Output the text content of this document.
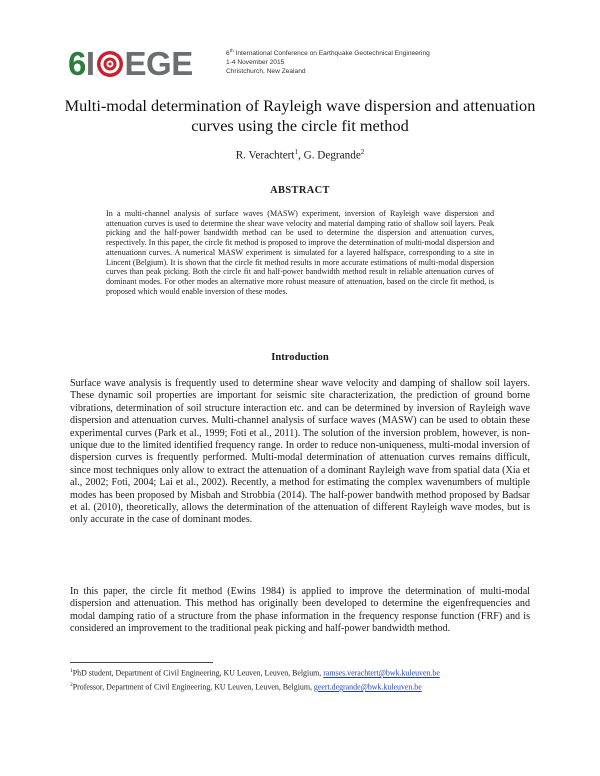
6I EGE	6th International Conference on Earthquake Geotechnical Engineering
1-4 November 2015
Christchurch, New Zealand
Multi-modal determination of Rayleigh wave dispersion and attenuation
curves using the circle fit method
R. Verachtert$^1$, G. Degrande$^2$
ABSTRACT
In a multi-channel analysis of surface waves (MASW) experiment, inversion of Rayleigh wave dispersion and attenuation curves is used to determine the shear wave velocity and material damping ratio of shallow soil layers. Peak picking and the half-power bandwidth method can be used to determine the dispersion and attenuation curves, respectively. In this paper, the circle fit method is proposed to improve the determination of multi-modal dispersion and attenuationn curves. A numerical MASW experiment is simulated for a layered halfspace, corresponding to a site in Lincent (Belgium). It is shown that the circle fit method results in more accurate estimations of multi-modal dispersion curves than peak picking. Both the circle fit and half-power bandwidth method result in reliable attenuation curves of dominant modes. For other modes an alternative more robust measure of attenuation, based on the circle fit method, is proposed which would enable inversion of these modes.
Introduction
Surface wave analysis is frequently used to determine shear wave velocity and damping of shallow soil layers. These dynamic soil properties are important for seismic site characterization, the prediction of ground borne vibrations, determination of soil structure interaction etc. and can be determined by inversion of Rayleigh wave dispersion and attenuation curves. Multi-channel analysis of surface waves (MASW) can be used to obtain these experimental curves (Park et al., 1999; Foti et al., 2011). The solution of the inversion problem, however, is non-unique due to the limited identified frequency range. In order to reduce non-uniqueness, multi-modal inversion of dispersion curves is frequently performed. Multi-modal determination of attenuation curves remains difficult, since most techniques only allow to extract the attenuation of a dominant Rayleigh wave from spatial data (Xia et al., 2002; Foti, 2004; Lai et al., 2002). Recently, a method for estimating the complex wavenumbers of multiple modes has been proposed by Misbah and Strobbia (2014). The half-power bandwith method proposed by Badsar et al. (2010), theoretically, allows the determination of the attenuation of different Rayleigh wave modes, but is only accurate in the case of dominant modes.
In this paper, the circle fit method (Ewins 1984) is applied to improve the determination of multi-modal dispersion and attenuation. This method has originally been developed to determine the eigenfrequencies and modal damping ratio of a structure from the phase information in the frequency response function (FRF) and is considered an improvement to the traditional peak picking and half-power bandwidth method.
$^1$PhD student, Department of Civil Engineering, KU Leuven, Leuven, Belgium, ramses.verachtert@bwk.kuleuven.be
$^2$Professor, Department of Civil Engineering, KU Leuven, Leuven, Belgium, geert.degrande@bwk.kuleuven.be
